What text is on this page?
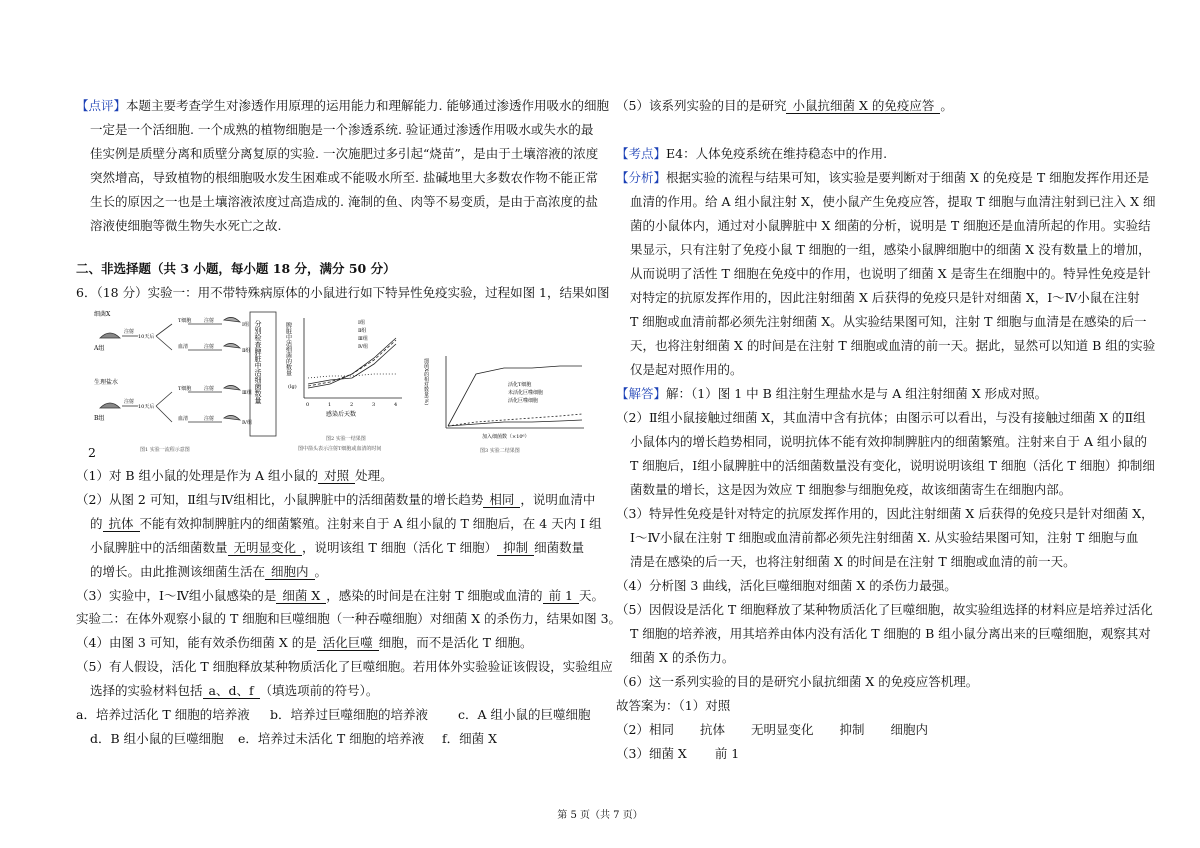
【点评】本题主要考查学生对渗透作用原理的运用能力和理解能力. 能够通过渗透作用吸水的细胞
一定是一个活细胞. 一个成熟的植物细胞是一个渗透系统. 验证通过渗透作用吸水或失水的最
佳实例是质壁分离和质壁分离复原的实验. 一次施肥过多引起“烧苗”，是由于土壤溶液的浓度
突然增高，导致植物的根细胞吸水发生困难或不能吸水所至. 盐碱地里大多数农作物不能正常
生长的原因之一也是土壤溶液浓度过高造成的. 淹制的鱼、肉等不易变质，是由于高浓度的盐
溶液使细胞等微生物失水死亡之故.
二、非选择题（共 3 小题，每小题 18 分，满分 50 分）
6．（18 分）实验一：用不带特殊病原体的小鼠进行如下特异性免疫实验，过程如图 1，结果如图
细菌X
A组
生理盐水
B组
注射
10天后
注射
10天后
T细胞
血清
T细胞
血清
注射
注射
注射
注射
Ⅰ组
Ⅱ组
Ⅲ组
Ⅳ组
分别检查脾脏中活细菌数量
图1 实验一流程示意图
脾脏中活细菌的数量
(lg)
0	1	2	3	4
感染后天数
Ⅰ组
Ⅱ组
Ⅲ组
Ⅳ组
图2 实验一结果图
图中箭头表示注射T细胞或血清的时间
细菌X的相对数量(%)	活化T细胞
未活化巨噬细胞
活化巨噬细胞
加入细菌数（×10⁶）
图3 实验二结果图
2
（1）对 B 组小鼠的处理是作为 A 组小鼠的 对照 处理。
（2）从图 2 可知，Ⅱ组与Ⅳ组相比，小鼠脾脏中的活细菌数量的增长趋势 相同 ，说明血清中
的 抗体 不能有效抑制脾脏内的细菌繁殖。注射来自于 A 组小鼠的 T 细胞后，在 4 天内 Ⅰ 组
小鼠脾脏中的活细菌数量 无明显变化 ，说明该组 T 细胞（活化 T 细胞） 抑制 细菌数量
的增长。由此推测该细菌生活在 细胞内 。
（3）实验中，Ⅰ～Ⅳ组小鼠感染的是 细菌 X ，感染的时间是在注射 T 细胞或血清的 前 1 天。
实验二：在体外观察小鼠的 T 细胞和巨噬细胞（一种吞噬细胞）对细菌 X 的杀伤力，结果如图 3。
（4）由图 3 可知，能有效杀伤细菌 X 的是 活化巨噬 细胞，而不是活化 T 细胞。
（5）有人假设，活化 T 细胞释放某种物质活化了巨噬细胞。若用体外实验验证该假设，实验组应
选择的实验材料包括 a、d、f （填选项前的符号）。
a．培养过活化 T 细胞的培养液 b．培养过巨噬细胞的培养液 c．A 组小鼠的巨噬细胞
d．B 组小鼠的巨噬细胞 e．培养过未活化 T 细胞的培养液 f．细菌 X
（5）该系列实验的目的是研究 小鼠抗细菌 X 的免疫应答 。
【考点】E4：人体免疫系统在维持稳态中的作用.
【分析】根据实验的流程与结果可知，该实验是要判断对于细菌 X 的免疫是 T 细胞发挥作用还是
血清的作用。给 A 组小鼠注射 X，使小鼠产生免疫应答，提取 T 细胞与血清注射到已注入 X 细
菌的小鼠体内，通过对小鼠脾脏中 X 细菌的分析，说明是 T 细胞还是血清所起的作用。实验结
果显示，只有注射了免疫小鼠 T 细胞的一组，感染小鼠脾细胞中的细菌 X 没有数量上的增加，
从而说明了活性 T 细胞在免疫中的作用，也说明了细菌 X 是寄生在细胞中的。特异性免疫是针
对特定的抗原发挥作用的，因此注射细菌 X 后获得的免疫只是针对细菌 X，Ⅰ～Ⅳ小鼠在注射
T 细胞或血清前都必须先注射细菌 X。从实验结果图可知，注射 T 细胞与血清是在感染的后一
天，也将注射细菌 X 的时间是在注射 T 细胞或血清的前一天。据此，显然可以知道 B 组的实验
仅是起对照作用的。
【解答】解：（1）图 1 中 B 组注射生理盐水是与 A 组注射细菌 X 形成对照。
（2）Ⅱ组小鼠接触过细菌 X，其血清中含有抗体；由图示可以看出，与没有接触过细菌 X 的Ⅱ组
小鼠体内的增长趋势相同，说明抗体不能有效抑制脾脏内的细菌繁殖。注射来自于 A 组小鼠的
T 细胞后，Ⅰ组小鼠脾脏中的活细菌数量没有变化，说明说明该组 T 细胞（活化 T 细胞）抑制细
菌数量的增长，这是因为效应 T 细胞参与细胞免疫，故该细菌寄生在细胞内部。
（3）特异性免疫是针对特定的抗原发挥作用的，因此注射细菌 X 后获得的免疫只是针对细菌 X，
Ⅰ～Ⅳ小鼠在注射 T 细胞或血清前都必须先注射细菌 X. 从实验结果图可知，注射 T 细胞与血
清是在感染的后一天，也将注射细菌 X 的时间是在注射 T 细胞或血清的前一天。
（4）分析图 3 曲线，活化巨噬细胞对细菌 X 的杀伤力最强。
（5）因假设是活化 T 细胞释放了某种物质活化了巨噬细胞，故实验组选择的材料应是培养过活化
T 细胞的培养液，用其培养由体内没有活化 T 细胞的 B 组小鼠分离出来的巨噬细胞，观察其对
细菌 X 的杀伤力。
（6）这一系列实验的目的是研究小鼠抗细菌 X 的免疫应答机理。
故答案为：（1）对照
（2）相同 抗体 无明显变化 抑制 细胞内
（3）细菌 X 前 1
第 5 页（共 7 页）
